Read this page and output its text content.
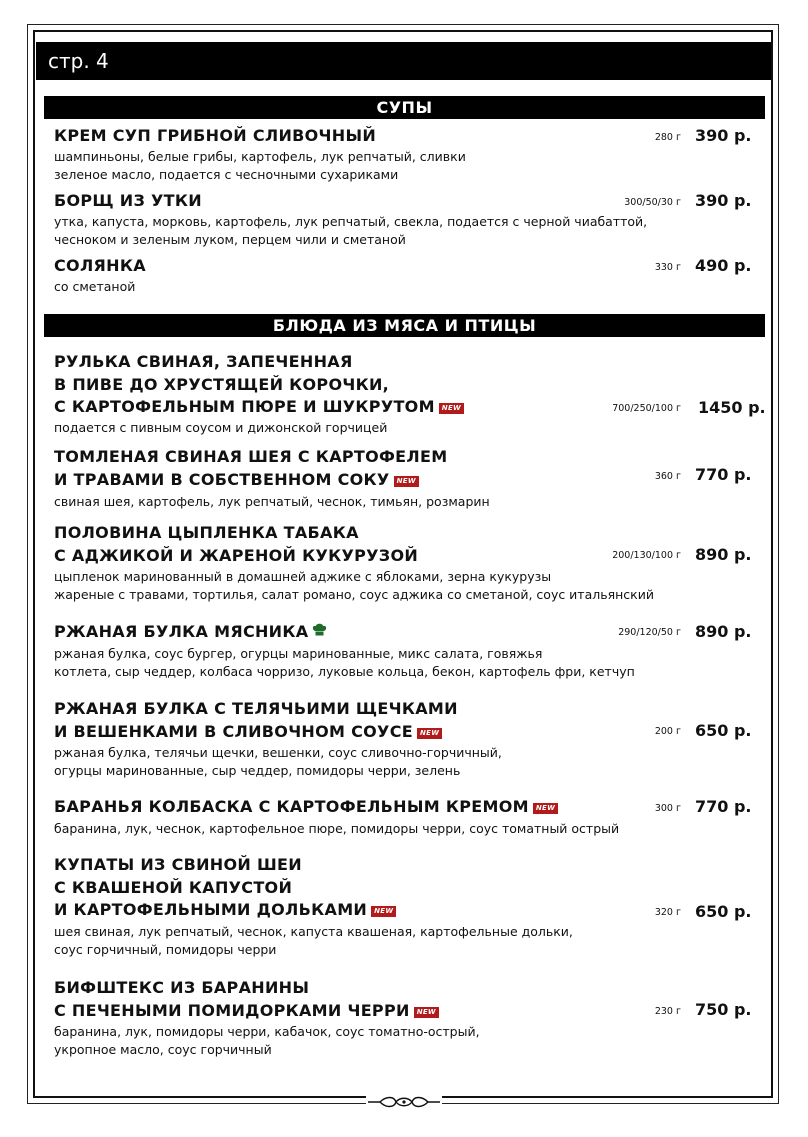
стр. 4
СУПЫ
БЛЮДА ИЗ МЯСА И ПТИЦЫ
КРЕМ СУП ГРИБНОЙ СЛИВОЧНЫЙ
шампиньоны, белые грибы, картофель, лук репчатый, сливки
зеленое масло, подается с чесночными сухариками
280 г 390 р.
БОРЩ ИЗ УТКИ
утка, капуста, морковь, картофель, лук репчатый, свекла, подается с черной чиабаттой,
чесноком и зеленым луком, перцем чили и сметаной
300/50/30 г 390 р.
СОЛЯНКА
со сметаной
330 г 490 р.
РУЛЬКА СВИНАЯ, ЗАПЕЧЕННАЯ
В ПИВЕ ДО ХРУСТЯЩЕЙ КОРОЧКИ,
С КАРТОФЕЛЬНЫМ ПЮРЕ И ШУКРУТОМ NEW
подается с пивным соусом и дижонской горчицей
700/250/100 г 1450 р.
ТОМЛЕНАЯ СВИНАЯ ШЕЯ С КАРТОФЕЛЕМ
И ТРАВАМИ В СОБСТВЕННОМ СОКУ NEW
свиная шея, картофель, лук репчатый, чеснок, тимьян, розмарин
360 г 770 р.
ПОЛОВИНА ЦЫПЛЕНКА ТАБАКА
С АДЖИКОЙ И ЖАРЕНОЙ КУКУРУЗОЙ
цыпленок маринованный в домашней аджике с яблоками, зерна кукурузы
жареные с травами, тортилья, салат романо, соус аджика со сметаной, соус итальянский
200/130/100 г 890 р.
РЖАНАЯ БУЛКА МЯСНИКА
ржаная булка, соус бургер, огурцы маринованные, микс салата, говяжья
котлета, сыр чеддер, колбаса чорризо, луковые кольца, бекон, картофель фри, кетчуп
290/120/50 г 890 р.
РЖАНАЯ БУЛКА С ТЕЛЯЧЬИМИ ЩЕЧКАМИ
И ВЕШЕНКАМИ В СЛИВОЧНОМ СОУСЕ NEW
ржаная булка, телячьи щечки, вешенки, соус сливочно-горчичный,
огурцы маринованные, сыр чеддер, помидоры черри, зелень
200 г 650 р.
БАРАНЬЯ КОЛБАСКА С КАРТОФЕЛЬНЫМ КРЕМОМ NEW
баранина, лук, чеснок, картофельное пюре, помидоры черри, соус томатный острый
300 г 770 р.
КУПАТЫ ИЗ СВИНОЙ ШЕИ
С КВАШЕНОЙ КАПУСТОЙ
И КАРТОФЕЛЬНЫМИ ДОЛЬКАМИ NEW
шея свиная, лук репчатый, чеснок, капуста квашеная, картофельные дольки,
соус горчичный, помидоры черри
320 г 650 р.
БИФШТЕКС ИЗ БАРАНИНЫ
С ПЕЧЕНЫМИ ПОМИДОРКАМИ ЧЕРРИ NEW
баранина, лук, помидоры черри, кабачок, соус томатно-острый,
укропное масло, соус горчичный
230 г 750 р.
